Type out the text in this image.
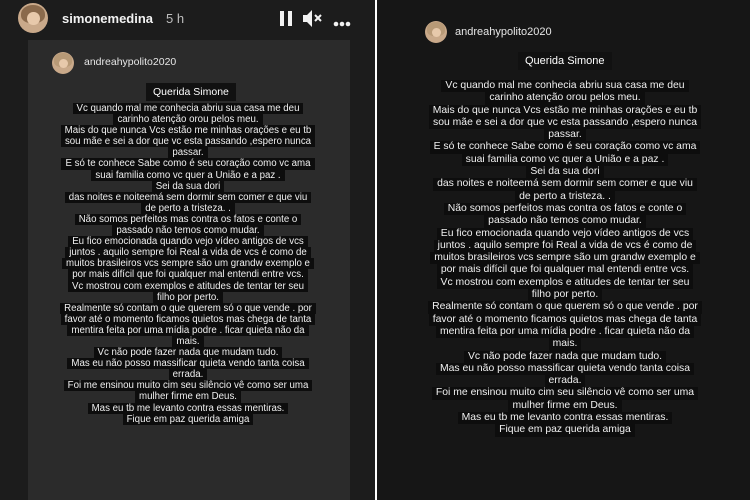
simonemedina 5 h
andreahypolito2020
Querida Simone
Vc quando mal me conhecia abriu sua casa me deu
carinho atenção orou pelos meu.
Mais do que nunca Vcs estão me minhas orações e eu tb
sou mãe e sei a dor que vc esta passando ,espero nunca
passar.
E só te conhece Sabe como é seu coração como vc ama
suai familia como vc quer a União e a paz .
Sei da sua dori
das noites e noiteemá sem dormir sem comer e que viu
de perto a tristeza. .
Não somos perfeitos mas contra os fatos e conte o
passado não temos como mudar.
Eu fico emocionada quando vejo vídeo antigos de vcs
juntos . aquilo sempre foi Real a vida de vcs é como de
muitos brasileiros vcs sempre são um grandw exemplo e
por mais difícil que foi qualquer mal entendi entre vcs.
Vc mostrou com exemplos e atitudes de tentar ter seu
filho por perto.
Realmente só contam o que querem só o que vende . por
favor até o momento ficamos quietos mas chega de tanta
mentira feita por uma mídia podre . ficar quieta não da
mais.
Vc não pode fazer nada que mudam tudo.
Mas eu não posso massificar quieta vendo tanta coisa
errada.
Foi me ensinou muito cim seu silêncio vê como ser uma
mulher firme em Deus.
Mas eu tb me levanto contra essas mentiras.
Fique em paz querida amiga
andreahypolito2020
Querida Simone
Vc quando mal me conhecia abriu sua casa me deu
carinho atenção orou pelos meu.
Mais do que nunca Vcs estão me minhas orações e eu tb
sou mãe e sei a dor que vc esta passando ,espero nunca
passar.
E só te conhece Sabe como é seu coração como vc ama
suai familia como vc quer a União e a paz .
Sei da sua dori
das noites e noiteemá sem dormir sem comer e que viu
de perto a tristeza. .
Não somos perfeitos mas contra os fatos e conte o
passado não temos como mudar.
Eu fico emocionada quando vejo vídeo antigos de vcs
juntos . aquilo sempre foi Real a vida de vcs é como de
muitos brasileiros vcs sempre são um grandw exemplo e
por mais difícil que foi qualquer mal entendi entre vcs.
Vc mostrou com exemplos e atitudes de tentar ter seu
filho por perto.
Realmente só contam o que querem só o que vende . por
favor até o momento ficamos quietos mas chega de tanta
mentira feita por uma mídia podre . ficar quieta não da
mais.
Vc não pode fazer nada que mudam tudo.
Mas eu não posso massificar quieta vendo tanta coisa
errada.
Foi me ensinou muito cim seu silêncio vê como ser uma
mulher firme em Deus.
Mas eu tb me levanto contra essas mentiras.
Fique em paz querida amiga
